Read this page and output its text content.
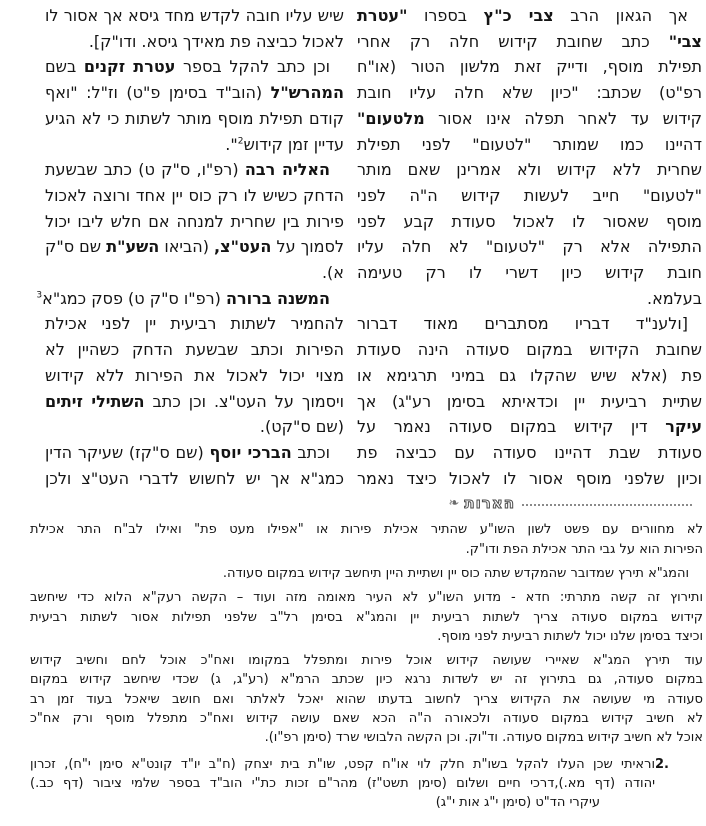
אך הגאון הרב צבי כ"ץ בספרו "עטרת
צבי" כתב שחובת קידוש חלה רק אחרי
תפילת מוסף, ודייק זאת מלשון הטור (או"ח
רפ"ט) שכתב: "כיון שלא חלה עליו חובת
קידוש עד לאחר תפלה אינו אסור מלטעום"
דהיינו כמו שמותר "לטעום" לפני תפילת
שחרית ללא קידוש ולא אמרינן שאם מותר
"לטעום" חייב לעשות קידוש ה"ה לפני
מוסף שאסור לו לאכול סעודת קבע לפני
התפילה אלא רק "לטעום" לא חלה עליו
חובת קידוש כיון דשרי לו רק טעימה
בעלמא.
[ולענ"ד דבריו מסתברים מאוד דברור
שחובת הקידוש במקום סעודה הינה סעודת
פת (אלא שיש שהקלו גם במיני תרגימא או
שתיית רביעית יין וכדאיתא בסימן רע"ג) אך
עיקר דין קידוש במקום סעודה נאמר על
סעודת שבת דהיינו סעודה עם כביצה פת
וכיון שלפני מוסף אסור לו לאכול כיצד נאמר
שיש עליו חובה לקדש מחד גיסא אך אסור לו
לאכול כביצה פת מאידך גיסא. ודו"ק].
וכן כתב להקל בספר עטרת זקנים בשם
המהרש"ל (הוב"ד בסימן פ"ט) וז"ל: "ואף
קודם תפילת מוסף מותר לשתות כי לא הגיע
עדיין זמן קידוש$^2$".
האליה רבה (רפ"ו, ס"ק ט) כתב שבשעת
הדחק כשיש לו רק כוס יין אחד ורוצה לאכול
פירות בין שחרית למנחה אם חלש ליבו יכול
לסמוך על העט"צ, (הביאו השע"ת שם ס"ק
א).
המשנה ברורה (רפ"ו ס"ק ט) פסק כמג"א$^3$
להחמיר לשתות רביעית יין לפני אכילת
הפירות וכתב שבשעת הדחק כשהיין לא
מצוי יכול לאכול את הפירות ללא קידוש
ויסמוך על העט"צ. וכן כתב השתילי זיתים
(שם ס"קט).
וכתב הברכי יוסף (שם ס"קז) שעיקר הדין
כמג"א אך יש לחשוש לדברי העט"צ ולכן
הארות
❧
לא מחוורים עם פשט לשון השו"ע שהתיר אכילת פירות או "אפילו מעט פת" ואילו לב"ח התר אכילת
הפירות הוא על גבי התר אכילת הפת ודו"ק.
והמג"א תירץ שמדובר שהמקדש שתה כוס יין ושתיית היין תיחשב קידוש במקום סעודה.
ותירוץ זה קשה מתרתי: חדא - מדוע השו"ע לא העיר מאומה מזה ועוד – הקשה רעק"א הלוא כדי שיחשב
קידוש במקום סעודה צריך לשתות רביעית יין והמג"א בסימן רל"ב שלפני תפילות אסור לשתות רביעית
וכיצד בסימן שלנו יכול לשתות רביעית לפני מוסף.
עוד תירץ המג"א שאיירי שעושה קידוש אוכל פירות ומתפלל במקומו ואח"כ אוכל לחם וחשיב קידוש
במקום סעודה, גם בתירוץ זה יש לשדות נרגא כיון שכתב הרמ"א (רע"ג, ג) שכדי שיחשב קידוש במקום
סעודה מי שעושה את הקידוש צריך לחשוב בדעתו שהוא יאכל לאלתר ואם חושב שיאכל בעוד זמן רב
לא חשיב קידוש במקום סעודה ולכאורה ה"ה הכא שאם עושה קידוש ואח"כ מתפלל מוסף ורק אח"כ
אוכל לא חשיב קידוש במקום סעודה. וד"וק. וכן הקשה הלבושי שרד (סימן רפ"ו).
2.
וראיתי שכן העלו להקל בשו"ת חלק לוי או"ח קפט, שו"ת בית יצחק (ח"ב יו"ד קונט"א סימן י"ח), זכרון
יהודה (דף מא.),דרכי חיים ושלום (סימן תשט"ז) מהר"ם זכות כת"י הוב"ד בספר שלמי ציבור (דף כב.)
עיקרי הד"ט (סימן י"ג אות י"ג)
